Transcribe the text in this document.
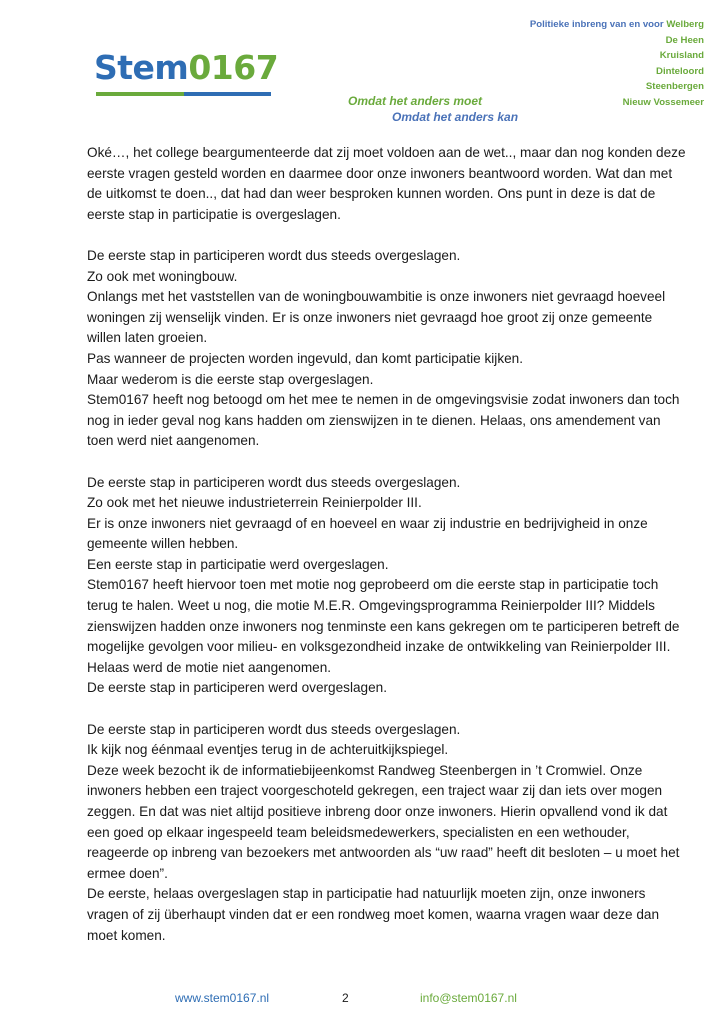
Stem0167
Politieke inbreng van en voor Welberg
De Heen
Kruisland
Dinteloord
Steenbergen
Nieuw Vossemeer
Omdat het anders moet
Omdat het anders kan

Oké…, het college beargumenteerde dat zij moet voldoen aan de wet.., maar dan nog konden deze eerste vragen gesteld worden en daarmee door onze inwoners beantwoord worden. Wat dan met de uitkomst te doen.., dat had dan weer besproken kunnen worden. Ons punt in deze is dat de eerste stap in participatie is overgeslagen.

De eerste stap in participeren wordt dus steeds overgeslagen.

Zo ook met woningbouw.

Onlangs met het vaststellen van de woningbouwambitie is onze inwoners niet gevraagd hoeveel woningen zij wenselijk vinden. Er is onze inwoners niet gevraagd hoe groot zij onze gemeente willen laten groeien.

Pas wanneer de projecten worden ingevuld, dan komt participatie kijken.

Maar wederom is die eerste stap overgeslagen.

Stem0167 heeft nog betoogd om het mee te nemen in de omgevingsvisie zodat inwoners dan toch nog in ieder geval nog kans hadden om zienswijzen in te dienen. Helaas, ons amendement van toen werd niet aangenomen.

De eerste stap in participeren wordt dus steeds overgeslagen.

Zo ook met het nieuwe industrieterrein Reinierpolder III.

Er is onze inwoners niet gevraagd of en hoeveel en waar zij industrie en bedrijvigheid in onze gemeente willen hebben.

Een eerste stap in participatie werd overgeslagen.

Stem0167 heeft hiervoor toen met motie nog geprobeerd om die eerste stap in participatie toch terug te halen. Weet u nog, die motie M.E.R. Omgevingsprogramma Reinierpolder III? Middels zienswijzen hadden onze inwoners nog tenminste een kans gekregen om te participeren betreft de mogelijke gevolgen voor milieu- en volksgezondheid inzake de ontwikkeling van Reinierpolder III.

Helaas werd de motie niet aangenomen.

De eerste stap in participeren werd overgeslagen.

De eerste stap in participeren wordt dus steeds overgeslagen.

Ik kijk nog éénmaal eventjes terug in de achteruitkijkspiegel.

Deze week bezocht ik de informatiebijeenkomst Randweg Steenbergen in ’t Cromwiel. Onze inwoners hebben een traject voorgeschoteld gekregen, een traject waar zij dan iets over mogen zeggen. En dat was niet altijd positieve inbreng door onze inwoners. Hierin opvallend vond ik dat een goed op elkaar ingespeeld team beleidsmedewerkers, specialisten en een wethouder, reageerde op inbreng van bezoekers met antwoorden als “uw raad” heeft dit besloten – u moet het ermee doen”.

De eerste, helaas overgeslagen stap in participatie had natuurlijk moeten zijn, onze inwoners vragen of zij überhaupt vinden dat er een rondweg moet komen, waarna vragen waar deze dan moet komen.

www.stem0167.nl	2	info@stem0167.nl
